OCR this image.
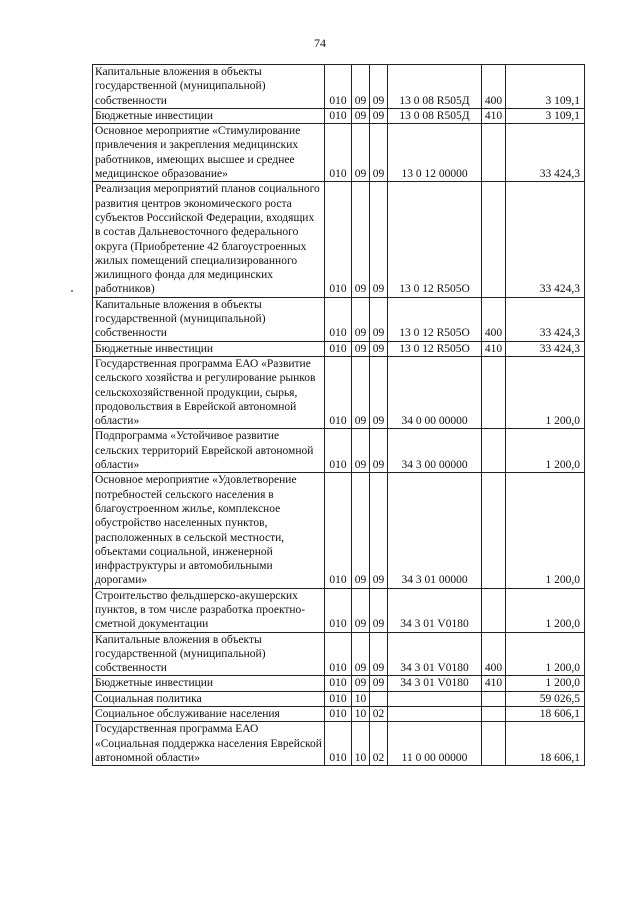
74
Капитальные вложения в объекты государственной (муниципальной) собственности	010	09	09	13 0 08 R505Д	400	3 109,1
Бюджетные инвестиции	010	09	09	13 0 08 R505Д	410	3 109,1
Основное мероприятие «Стимулирование привлечения и закрепления медицинских работников, имеющих высшее и среднее медицинское образование»	010	09	09	13 0 12 00000		33 424,3
Реализация мероприятий планов социального развития центров экономического роста субъектов Российской Федерации, входящих в состав Дальневосточного федерального округа (Приобретение 42 благоустроенных жилых помещений специализированного жилищного фонда для медицинских работников)	010	09	09	13 0 12 R505О		33 424,3
Капитальные вложения в объекты государственной (муниципальной) собственности	010	09	09	13 0 12 R505О	400	33 424,3
Бюджетные инвестиции	010	09	09	13 0 12 R505О	410	33 424,3
Государственная программа ЕАО «Развитие сельского хозяйства и регулирование рынков сельскохозяйственной продукции, сырья, продовольствия в Еврейской автономной области»	010	09	09	34 0 00 00000		1 200,0
Подпрограмма «Устойчивое развитие сельских территорий Еврейской автономной области»	010	09	09	34 3 00 00000		1 200,0
Основное мероприятие «Удовлетворение потребностей сельского населения в благоустроенном жилье, комплексное обустройство населенных пунктов, расположенных в сельской местности, объектами социальной, инженерной инфраструктуры и автомобильными дорогами»	010	09	09	34 3 01 00000		1 200,0
Строительство фельдшерско-акушерских пунктов, в том числе разработка проектно-сметной документации	010	09	09	34 3 01 V0180		1 200,0
Капитальные вложения в объекты государственной (муниципальной) собственности	010	09	09	34 3 01 V0180	400	1 200,0
Бюджетные инвестиции	010	09	09	34 3 01 V0180	410	1 200,0
Социальная политика	010	10				59 026,5
Социальное обслуживание населения	010	10	02			18 606,1
Государственная программа ЕАО «Социальная поддержка населения Еврейской автономной области»	010	10	02	11 0 00 00000		18 606,1
